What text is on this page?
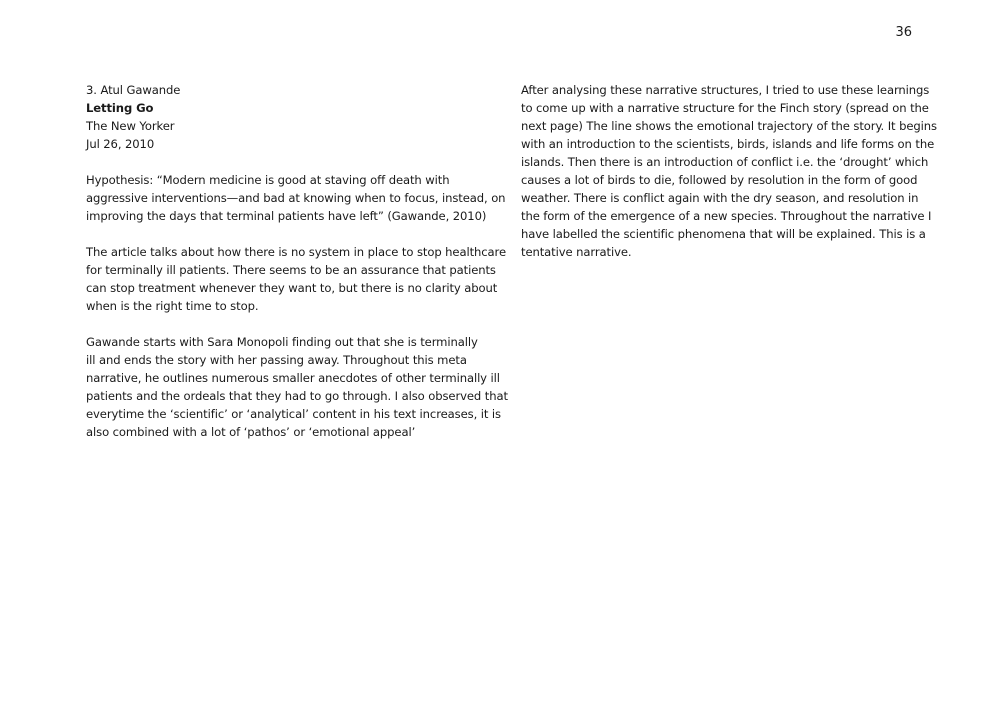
36
3. Atul Gawande
Letting Go
The New Yorker
Jul 26, 2010
Hypothesis: “Modern medicine is good at staving off death with
aggressive interventions—and bad at knowing when to focus, instead, on
improving the days that terminal patients have left” (Gawande, 2010)
The article talks about how there is no system in place to stop healthcare
for terminally ill patients. There seems to be an assurance that patients
can stop treatment whenever they want to, but there is no clarity about
when is the right time to stop.
Gawande starts with Sara Monopoli finding out that she is terminally
ill and ends the story with her passing away. Throughout this meta
narrative, he outlines numerous smaller anecdotes of other terminally ill
patients and the ordeals that they had to go through. I also observed that
everytime the ‘scientific’ or ‘analytical’ content in his text increases, it is
also combined with a lot of ‘pathos’ or ‘emotional appeal’
After analysing these narrative structures, I tried to use these learnings
to come up with a narrative structure for the Finch story (spread on the
next page) The line shows the emotional trajectory of the story. It begins
with an introduction to the scientists, birds, islands and life forms on the
islands. Then there is an introduction of conflict i.e. the ‘drought’ which
causes a lot of birds to die, followed by resolution in the form of good
weather. There is conflict again with the dry season, and resolution in
the form of the emergence of a new species. Throughout the narrative I
have labelled the scientific phenomena that will be explained. This is a
tentative narrative.
